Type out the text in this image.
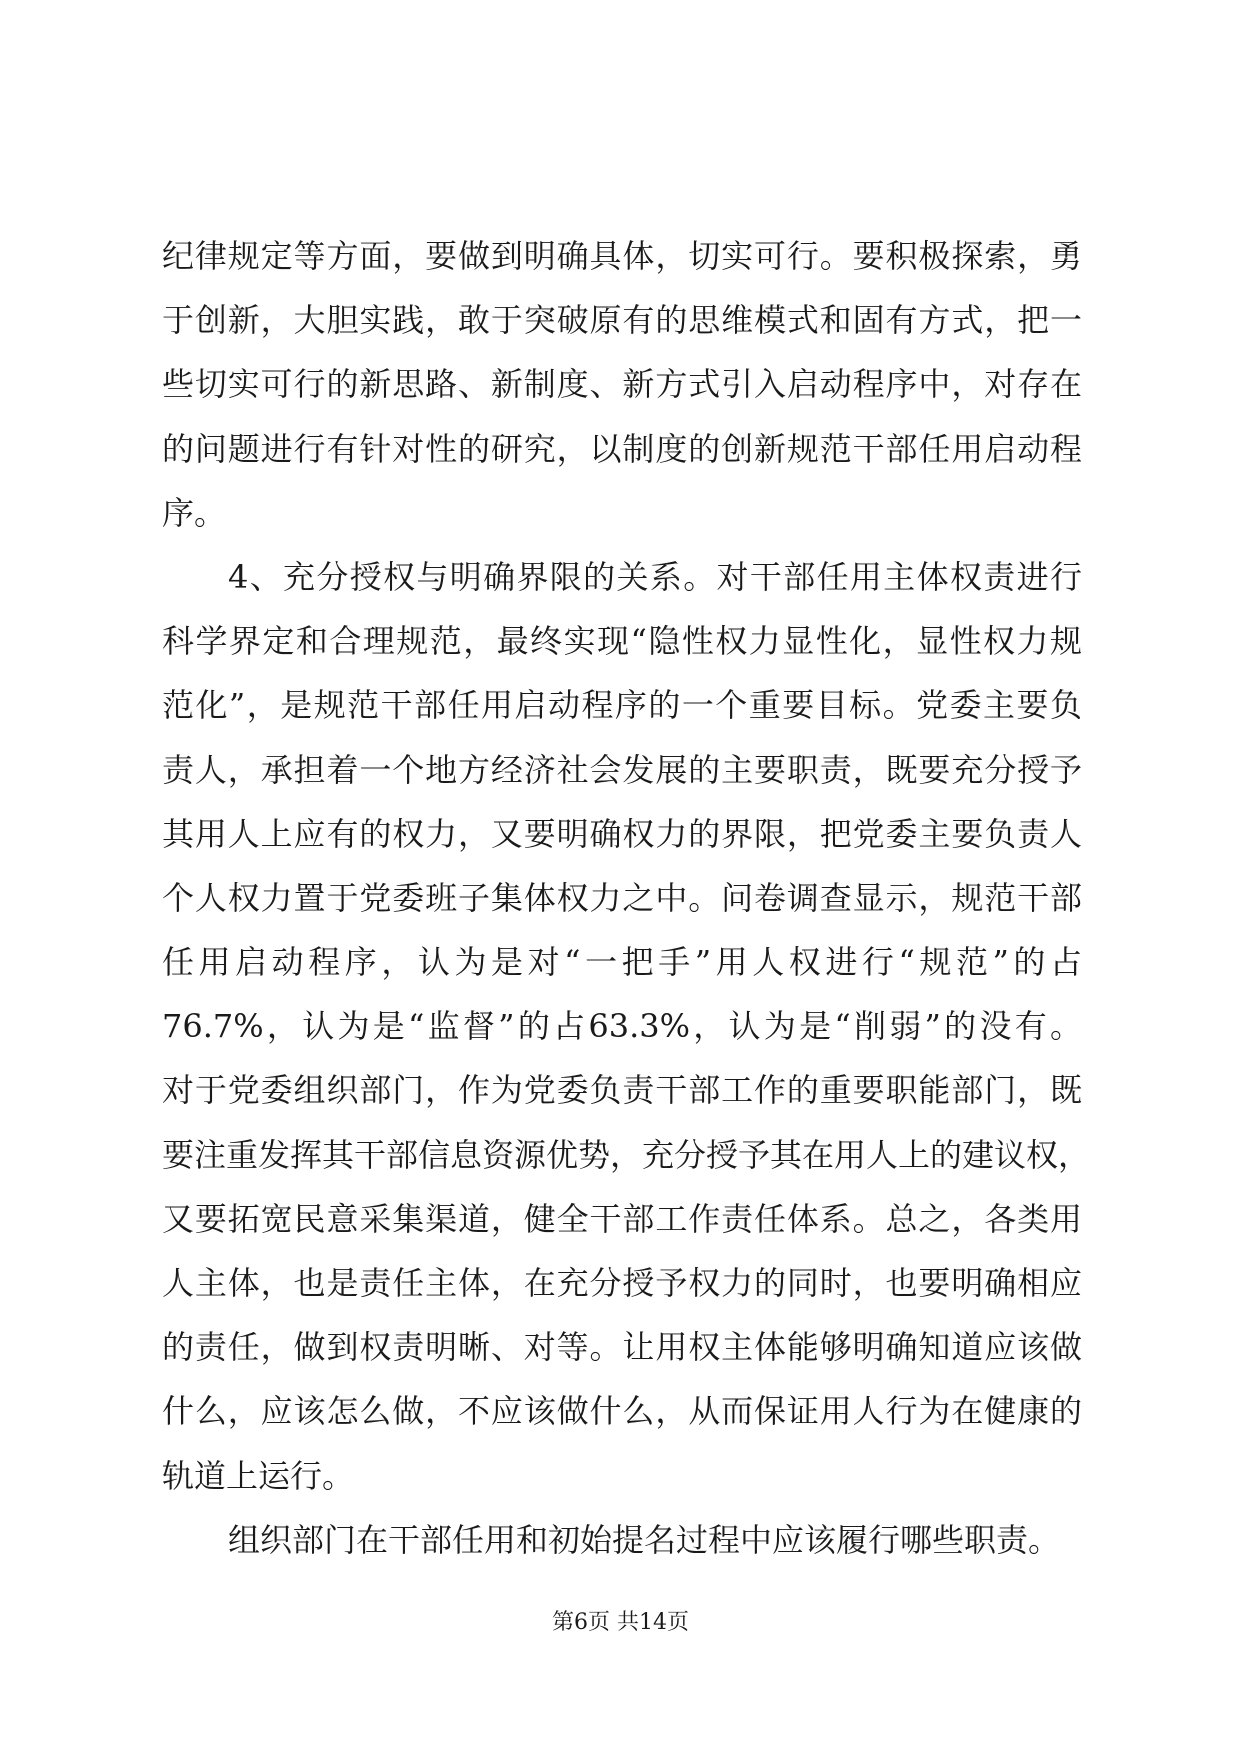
纪律规定等方面，要做到明确具体，切实可行。要积极探索，勇
于创新，大胆实践，敢于突破原有的思维模式和固有方式，把一
些切实可行的新思路、新制度、新方式引入启动程序中，对存在
的问题进行有针对性的研究，以制度的创新规范干部任用启动程
序。
4、充分授权与明确界限的关系。对干部任用主体权责进行
科学界定和合理规范，最终实现“隐性权力显性化，显性权力规
范化”，是规范干部任用启动程序的一个重要目标。党委主要负
责人，承担着一个地方经济社会发展的主要职责，既要充分授予
其用人上应有的权力，又要明确权力的界限，把党委主要负责人
个人权力置于党委班子集体权力之中。问卷调查显示，规范干部
任用启动程序，认为是对“一把手”用人权进行“规范”的占
76.7%，认为是“监督”的占63.3%，认为是“削弱”的没有。
对于党委组织部门，作为党委负责干部工作的重要职能部门，既
要注重发挥其干部信息资源优势，充分授予其在用人上的建议权，
又要拓宽民意采集渠道，健全干部工作责任体系。总之，各类用
人主体，也是责任主体，在充分授予权力的同时，也要明确相应
的责任，做到权责明晰、对等。让用权主体能够明确知道应该做
什么，应该怎么做，不应该做什么，从而保证用人行为在健康的
轨道上运行。
组织部门在干部任用和初始提名过程中应该履行哪些职责。
第6页 共14页
